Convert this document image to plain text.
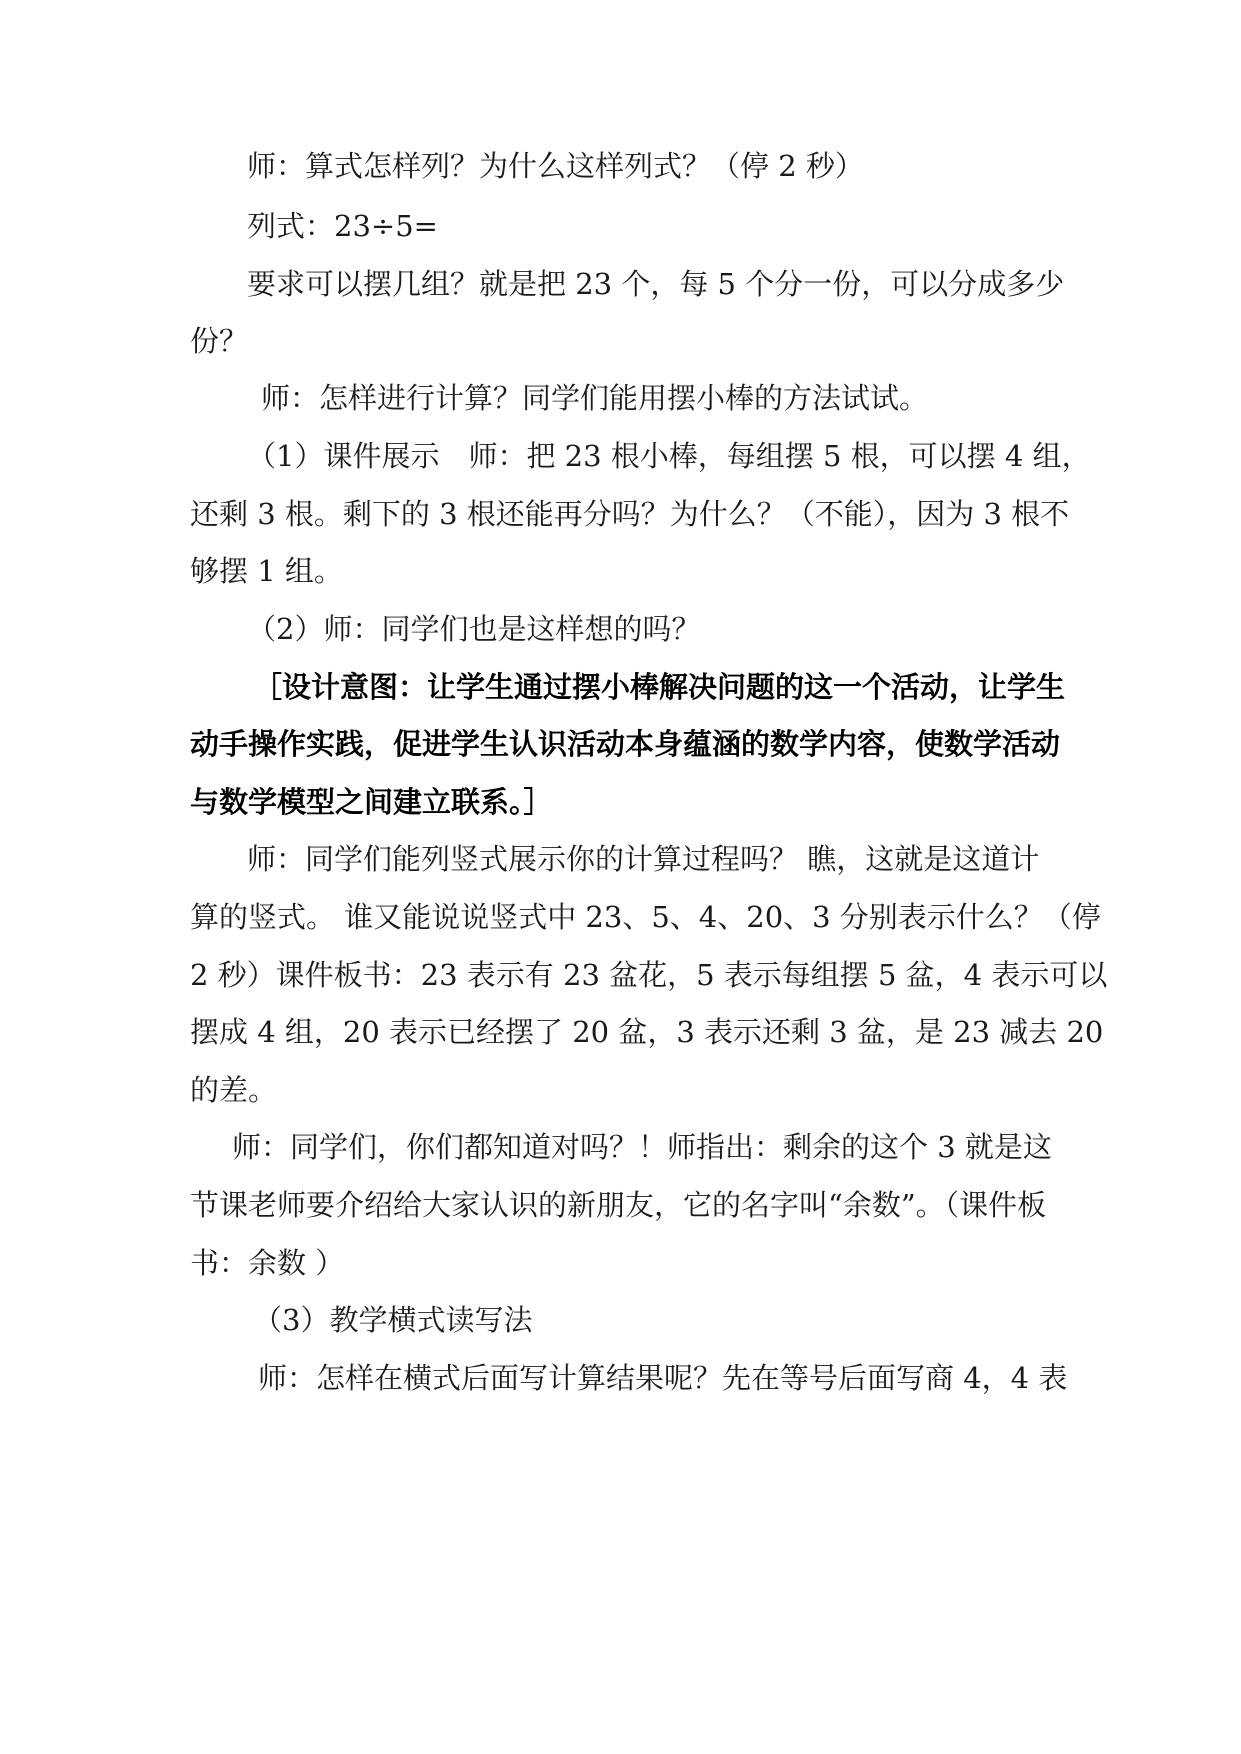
师：算式怎样列？为什么这样列式？（停 2 秒）
列式：23÷5=
要求可以摆几组？就是把 23 个，每 5 个分一份，可以分成多少
份？
师：怎样进行计算？同学们能用摆小棒的方法试试。
（1）课件展示　师：把 23 根小棒，每组摆 5 根，可以摆 4 组，
还剩 3 根。剩下的 3 根还能再分吗？为什么？（不能），因为 3 根不
够摆 1 组。
（2）师：同学们也是这样想的吗？
［设计意图：让学生通过摆小棒解决问题的这一个活动，让学生
动手操作实践，促进学生认识活动本身蕴涵的数学内容，使数学活动
与数学模型之间建立联系。］
师：同学们能列竖式展示你的计算过程吗？ 瞧，这就是这道计
算的竖式。 谁又能说说竖式中 23、5、4、20、3 分别表示什么？（停
2 秒）课件板书：23 表示有 23 盆花，5 表示每组摆 5 盆，4 表示可以
摆成 4 组，20 表示已经摆了 20 盆，3 表示还剩 3 盆，是 23 减去 20
的差。
师：同学们，你们都知道对吗？！师指出：剩余的这个 3 就是这
节课老师要介绍给大家认识的新朋友，它的名字叫“余数”。（课件板
书：余数 ）
（3）教学横式读写法
师：怎样在横式后面写计算结果呢？先在等号后面写商 4，4 表
